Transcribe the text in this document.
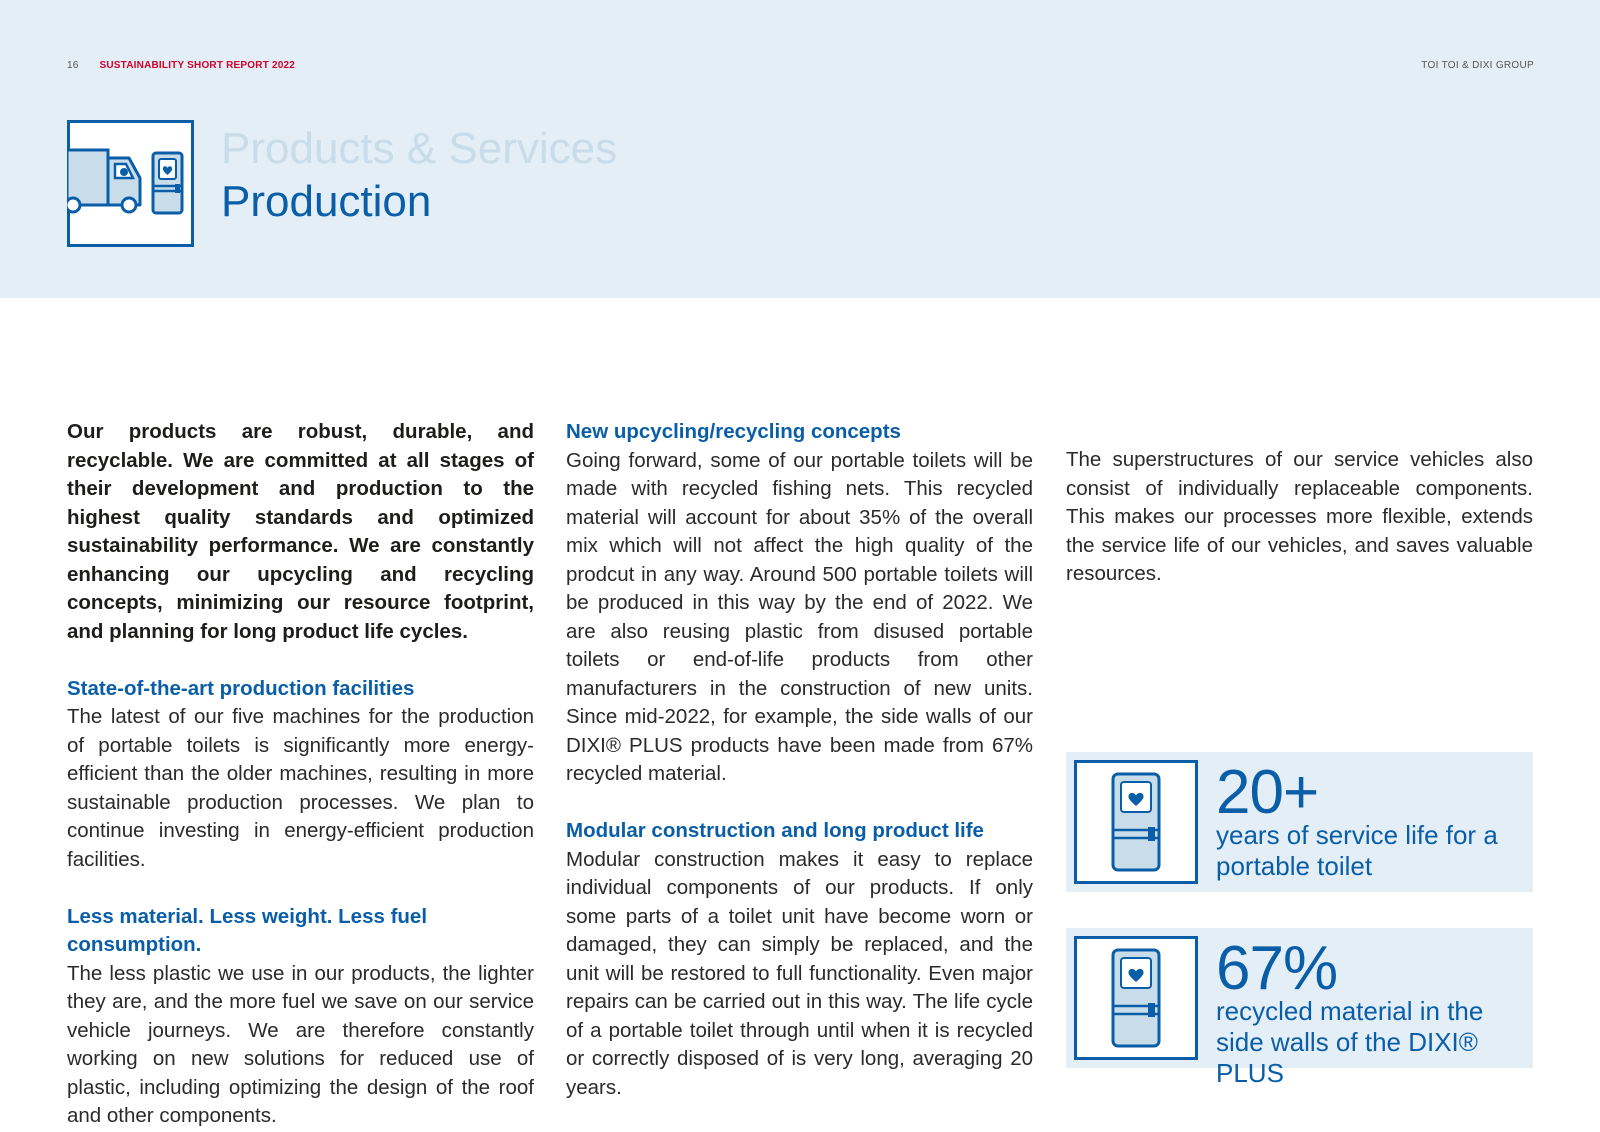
16 SUSTAINABILITY SHORT REPORT 2022	TOI TOI & DIXI GROUP
Products & Services
Production

Our products are robust, durable, and recyclable. We are committed at all stages of their development and production to the highest quality standards and optimized sustainability performance. We are constantly enhancing our upcycling and recycling concepts, minimizing our resource footprint, and planning for long product life cycles.

State-of-the-art production facilities

The latest of our five machines for the production of portable toilets is significantly more energy-efficient than the older machines, resulting in more sustainable production processes. We plan to continue investing in energy-efficient production facilities.

Less material. Less weight. Less fuel consumption.

The less plastic we use in our products, the lighter they are, and the more fuel we save on our service vehicle journeys. We are therefore constantly working on new solutions for reduced use of plastic, including optimizing the design of the roof and other components.

New upcycling/recycling concepts

Going forward, some of our portable toilets will be made with recycled fishing nets. This recycled material will account for about 35% of the overall mix which will not affect the high quality of the prodcut in any way. Around 500 portable toilets will be produced in this way by the end of 2022. We are also reusing plastic from disused portable toilets or end-of-life products from other manufacturers in the construction of new units. Since mid-2022, for example, the side walls of our DIXI® PLUS products have been made from 67% recycled material.

Modular construction and long product life

Modular construction makes it easy to replace individual components of our products. If only some parts of a toilet unit have become worn or damaged, they can simply be replaced, and the unit will be restored to full functionality. Even major repairs can be carried out in this way. The life cycle of a portable toilet through until when it is recycled or correctly disposed of is very long, averaging 20 years.

The superstructures of our service vehicles also consist of individually replaceable components. This makes our processes more flexible, extends the service life of our vehicles, and saves valuable resources.

20+
years of service life for a portable toilet
67%
recycled material in the side walls of the DIXI® PLUS
